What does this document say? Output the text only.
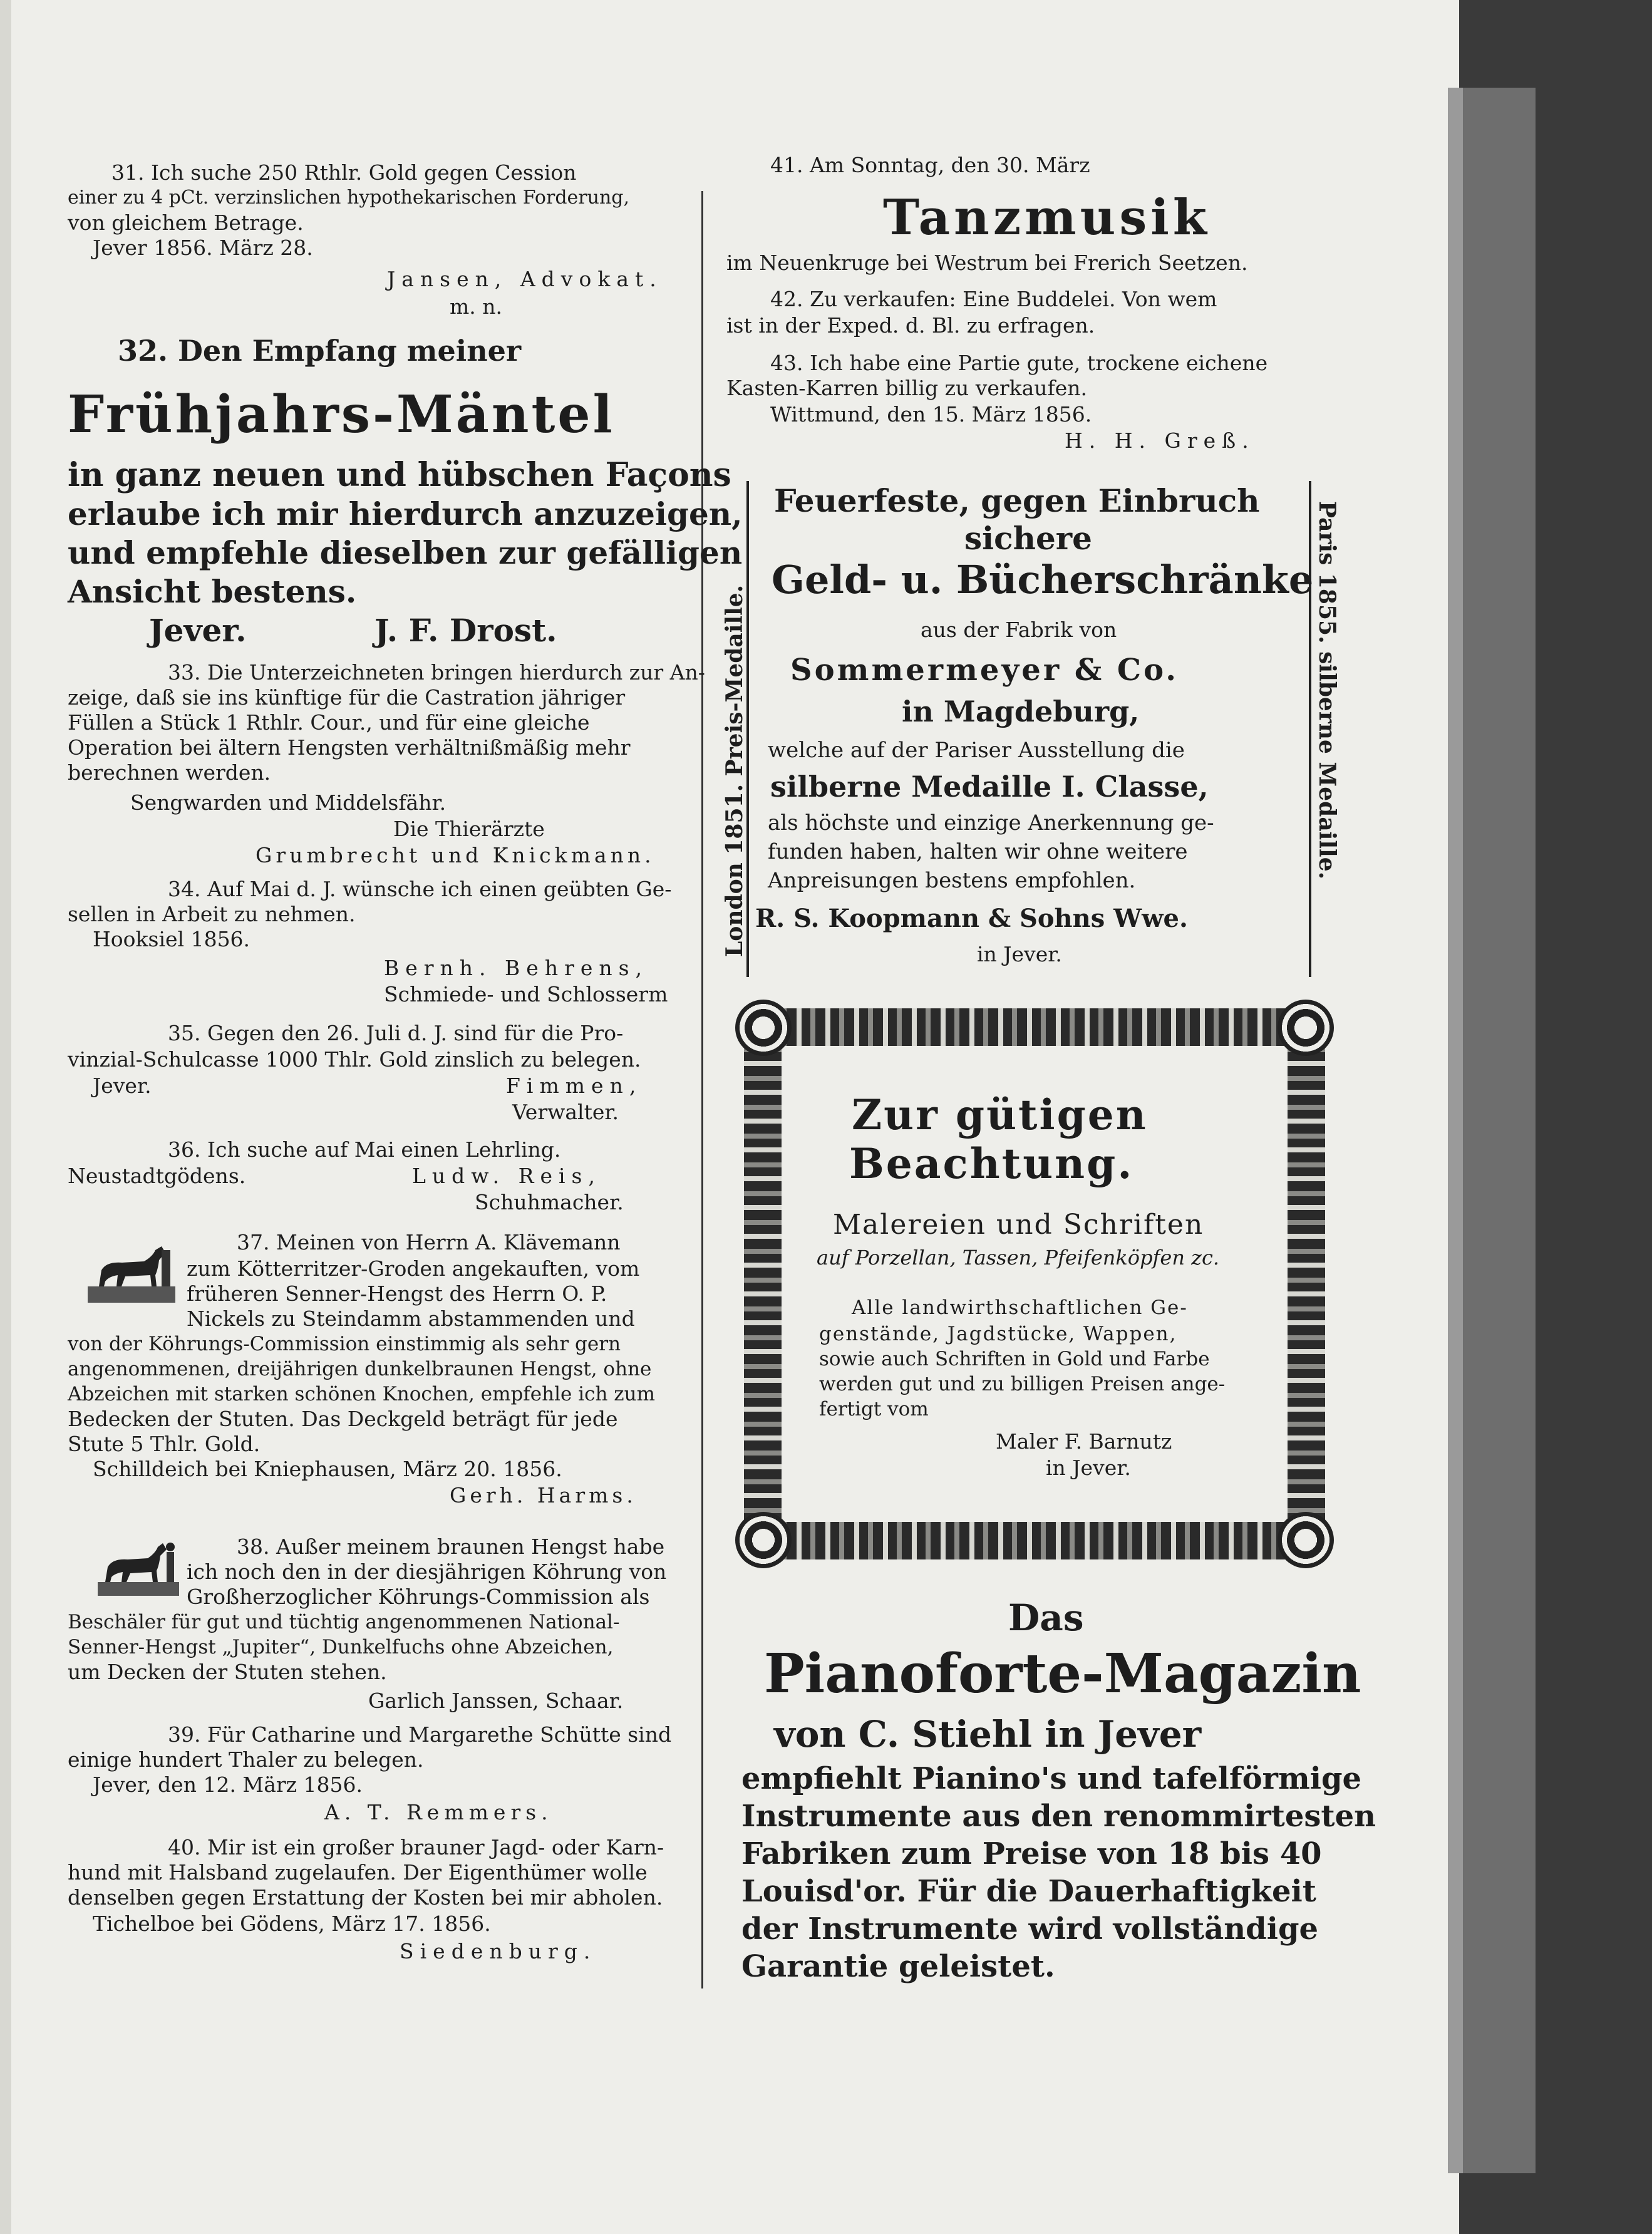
31. Ich suche 250 Rthlr. Gold gegen Cession
einer zu 4 pCt. verzinslichen hypothekarischen Forderung,
von gleichem Betrage.
Jever 1856. März 28.
Jansen, Advokat.
m. n.
32. Den Empfang meiner
Frühjahrs-Mäntel
in ganz neuen und hübschen Façons
erlaube ich mir hierdurch anzuzeigen,
und empfehle dieselben zur gefälligen
Ansicht bestens.
Jever.	J. F. Drost.
33. Die Unterzeichneten bringen hierdurch zur An-
zeige, daß sie ins künftige für die Castration jähriger
Füllen a Stück 1 Rthlr. Cour., und für eine gleiche
Operation bei ältern Hengsten verhältnißmäßig mehr
berechnen werden.
Sengwarden und Middelsfähr.
Die Thierärzte
Grumbrecht und Knickmann.
34. Auf Mai d. J. wünsche ich einen geübten Ge-
sellen in Arbeit zu nehmen.
Hooksiel 1856.
Bernh. Behrens,
Schmiede- und Schlosserm
35. Gegen den 26. Juli d. J. sind für die Pro-
vinzial-Schulcasse 1000 Thlr. Gold zinslich zu belegen.
Jever.	Fimmen,
Verwalter.
36. Ich suche auf Mai einen Lehrling.
Neustadtgödens.	Ludw. Reis,
Schuhmacher.
37. Meinen von Herrn A. Klävemann
zum Kötterritzer-Groden angekauften, vom
früheren Senner-Hengst des Herrn O. P.
Nickels zu Steindamm abstammenden und
von der Köhrungs-Commission einstimmig als sehr gern
angenommenen, dreijährigen dunkelbraunen Hengst, ohne
Abzeichen mit starken schönen Knochen, empfehle ich zum
Bedecken der Stuten. Das Deckgeld beträgt für jede
Stute 5 Thlr. Gold.
Schilldeich bei Kniephausen, März 20. 1856.
Gerh. Harms.
38. Außer meinem braunen Hengst habe
ich noch den in der diesjährigen Köhrung von
Großherzoglicher Köhrungs-Commission als
Beschäler für gut und tüchtig angenommenen National-
Senner-Hengst „Jupiter“, Dunkelfuchs ohne Abzeichen,
um Decken der Stuten stehen.
Garlich Janssen, Schaar.
39. Für Catharine und Margarethe Schütte sind
einige hundert Thaler zu belegen.
Jever, den 12. März 1856.
A. T. Remmers.
40. Mir ist ein großer brauner Jagd- oder Karn-
hund mit Halsband zugelaufen. Der Eigenthümer wolle
denselben gegen Erstattung der Kosten bei mir abholen.
Tichelboe bei Gödens, März 17. 1856.
Siedenburg.
41. Am Sonntag, den 30. März
Tanzmusik
im Neuenkruge bei Westrum bei Frerich Seetzen.
42. Zu verkaufen: Eine Buddelei. Von wem
ist in der Exped. d. Bl. zu erfragen.
43. Ich habe eine Partie gute, trockene eichene
Kasten-Karren billig zu verkaufen.
Wittmund, den 15. März 1856.
H. H. Greß.
London 1851. Preis-Medaille.	Paris 1855. silberne Medaille.
Feuerfeste, gegen Einbruch
sichere
Geld- u. Bücherschränke
aus der Fabrik von
Sommermeyer & Co.
in Magdeburg,
welche auf der Pariser Ausstellung die
silberne Medaille I. Classe,
als höchste und einzige Anerkennung ge-
funden haben, halten wir ohne weitere
Anpreisungen bestens empfohlen.
R. S. Koopmann & Sohns Wwe.
in Jever.
Zur gütigen
Beachtung.
Malereien und Schriften
auf Porzellan, Tassen, Pfeifenköpfen zc.
Alle landwirthschaftlichen Ge-
genstände, Jagdstücke, Wappen,
sowie auch Schriften in Gold und Farbe
werden gut und zu billigen Preisen ange-
fertigt vom
Maler F. Barnutz
in Jever.
Das
Pianoforte-Magazin
von C. Stiehl in Jever
empfiehlt Pianino's und tafelförmige
Instrumente aus den renommirtesten
Fabriken zum Preise von 18 bis 40
Louisd'or. Für die Dauerhaftigkeit
der Instrumente wird vollständige
Garantie geleistet.
